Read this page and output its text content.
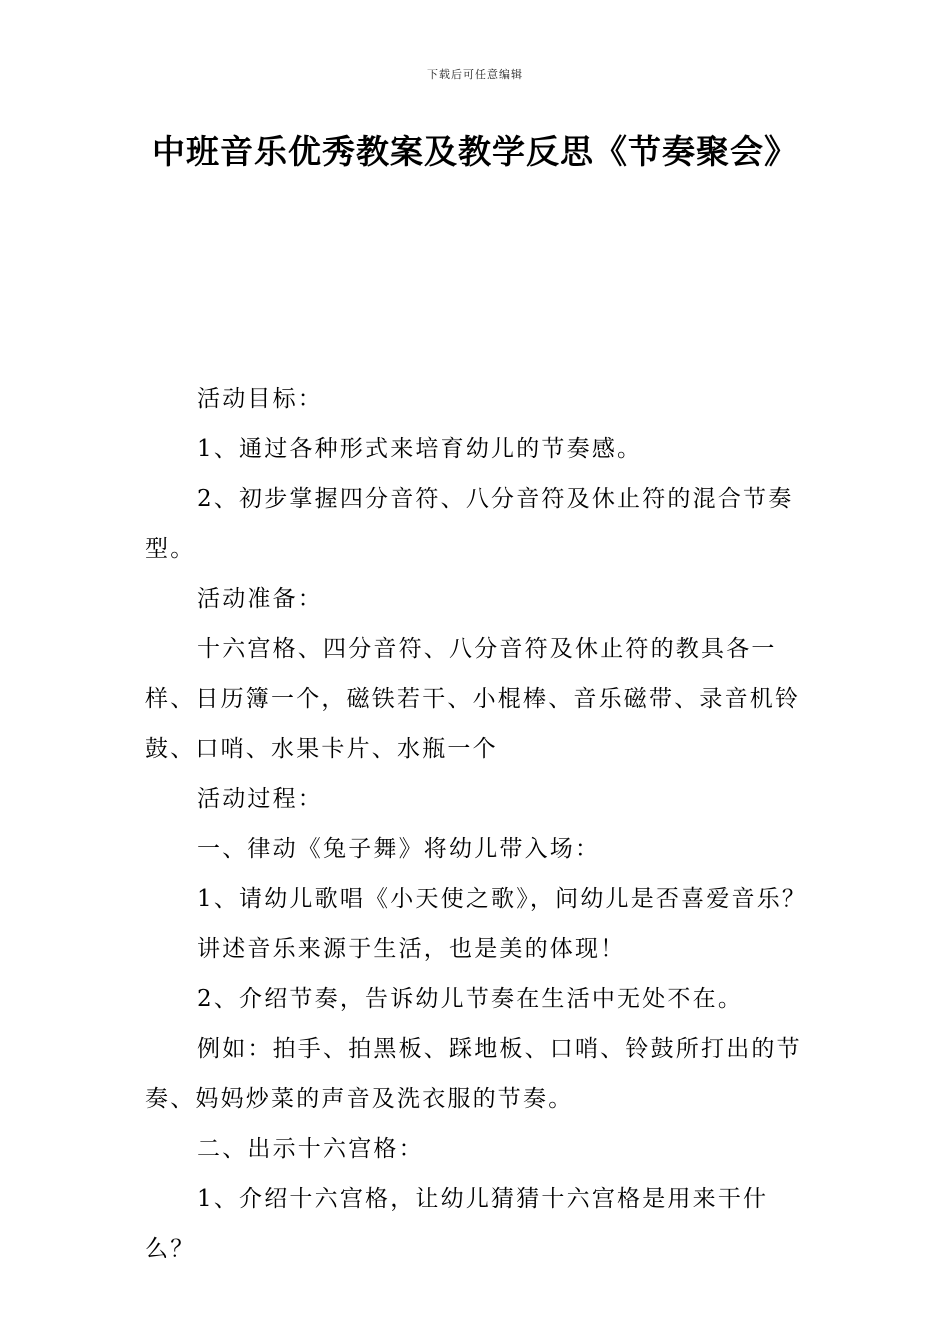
下载后可任意编辑
中班音乐优秀教案及教学反思《节奏聚会》

活动目标：

1、通过各种形式来培育幼儿的节奏感。

2、初步掌握四分音符、八分音符及休止符的混合节奏型。

活动准备：

十六宫格、四分音符、八分音符及休止符的教具各一样、日历簿一个，磁铁若干、小棍棒、音乐磁带、录音机铃鼓、口哨、水果卡片、水瓶一个

活动过程：

一、律动《兔子舞》将幼儿带入场：

1、请幼儿歌唱《小天使之歌》，问幼儿是否喜爱音乐？

讲述音乐来源于生活，也是美的体现！

2、介绍节奏，告诉幼儿节奏在生活中无处不在。

例如：拍手、拍黑板、踩地板、口哨、铃鼓所打出的节奏、妈妈炒菜的声音及洗衣服的节奏。

二、出示十六宫格：

1、介绍十六宫格，让幼儿猜猜十六宫格是用来干什么？
